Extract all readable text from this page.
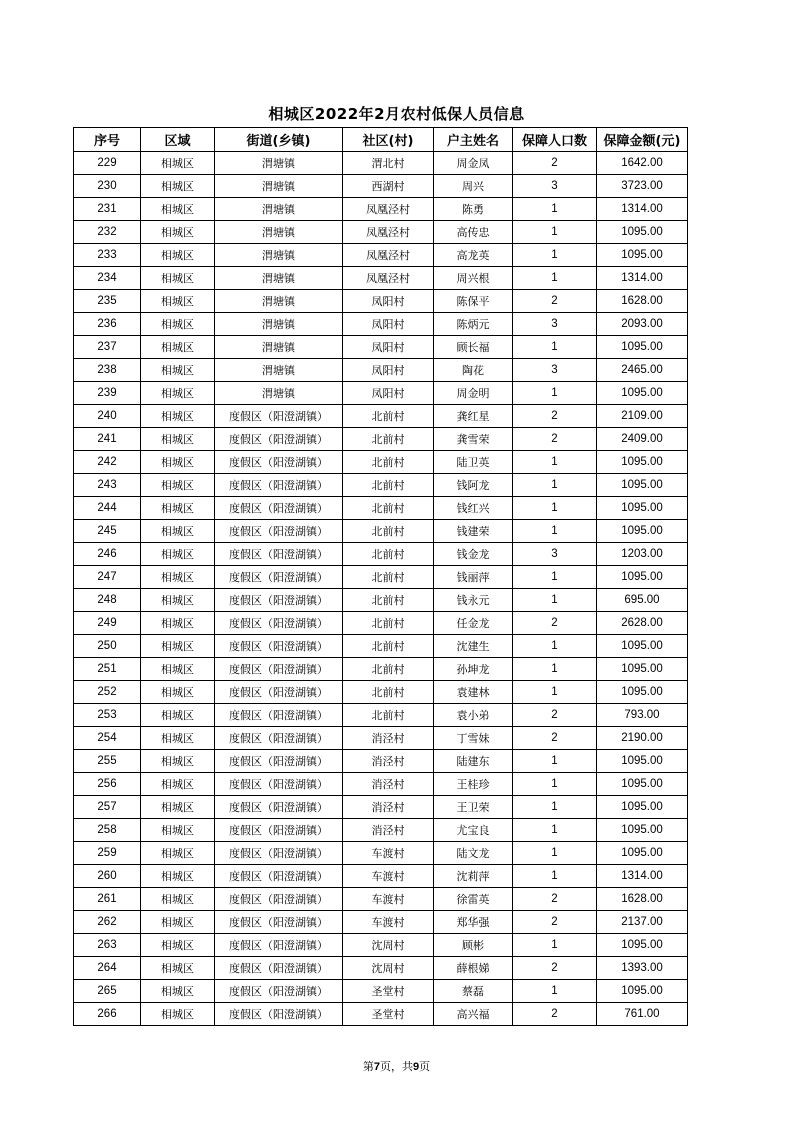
相城区2022年2月农村低保人员信息
序号	区域	街道(乡镇)	社区(村)	户主姓名	保障人口数	保障金额(元)
229	相城区	渭塘镇	渭北村	周金凤	2	1642.00
230	相城区	渭塘镇	西湖村	周兴	3	3723.00
231	相城区	渭塘镇	凤凰泾村	陈勇	1	1314.00
232	相城区	渭塘镇	凤凰泾村	高传忠	1	1095.00
233	相城区	渭塘镇	凤凰泾村	高龙英	1	1095.00
234	相城区	渭塘镇	凤凰泾村	周兴根	1	1314.00
235	相城区	渭塘镇	凤阳村	陈保平	2	1628.00
236	相城区	渭塘镇	凤阳村	陈炳元	3	2093.00
237	相城区	渭塘镇	凤阳村	顾长福	1	1095.00
238	相城区	渭塘镇	凤阳村	陶花	3	2465.00
239	相城区	渭塘镇	凤阳村	周金明	1	1095.00
240	相城区	度假区（阳澄湖镇）	北前村	龚红星	2	2109.00
241	相城区	度假区（阳澄湖镇）	北前村	龚雪荣	2	2409.00
242	相城区	度假区（阳澄湖镇）	北前村	陆卫英	1	1095.00
243	相城区	度假区（阳澄湖镇）	北前村	钱阿龙	1	1095.00
244	相城区	度假区（阳澄湖镇）	北前村	钱红兴	1	1095.00
245	相城区	度假区（阳澄湖镇）	北前村	钱建荣	1	1095.00
246	相城区	度假区（阳澄湖镇）	北前村	钱金龙	3	1203.00
247	相城区	度假区（阳澄湖镇）	北前村	钱丽萍	1	1095.00
248	相城区	度假区（阳澄湖镇）	北前村	钱永元	1	695.00
249	相城区	度假区（阳澄湖镇）	北前村	任金龙	2	2628.00
250	相城区	度假区（阳澄湖镇）	北前村	沈建生	1	1095.00
251	相城区	度假区（阳澄湖镇）	北前村	孙坤龙	1	1095.00
252	相城区	度假区（阳澄湖镇）	北前村	袁建林	1	1095.00
253	相城区	度假区（阳澄湖镇）	北前村	袁小弟	2	793.00
254	相城区	度假区（阳澄湖镇）	消泾村	丁雪妹	2	2190.00
255	相城区	度假区（阳澄湖镇）	消泾村	陆建东	1	1095.00
256	相城区	度假区（阳澄湖镇）	消泾村	王桂珍	1	1095.00
257	相城区	度假区（阳澄湖镇）	消泾村	王卫荣	1	1095.00
258	相城区	度假区（阳澄湖镇）	消泾村	尤宝良	1	1095.00
259	相城区	度假区（阳澄湖镇）	车渡村	陆文龙	1	1095.00
260	相城区	度假区（阳澄湖镇）	车渡村	沈莉萍	1	1314.00
261	相城区	度假区（阳澄湖镇）	车渡村	徐雷英	2	1628.00
262	相城区	度假区（阳澄湖镇）	车渡村	郑华强	2	2137.00
263	相城区	度假区（阳澄湖镇）	沈周村	顾彬	1	1095.00
264	相城区	度假区（阳澄湖镇）	沈周村	薛根娣	2	1393.00
265	相城区	度假区（阳澄湖镇）	圣堂村	蔡磊	1	1095.00
266	相城区	度假区（阳澄湖镇）	圣堂村	高兴福	2	761.00
第7页，共9页
